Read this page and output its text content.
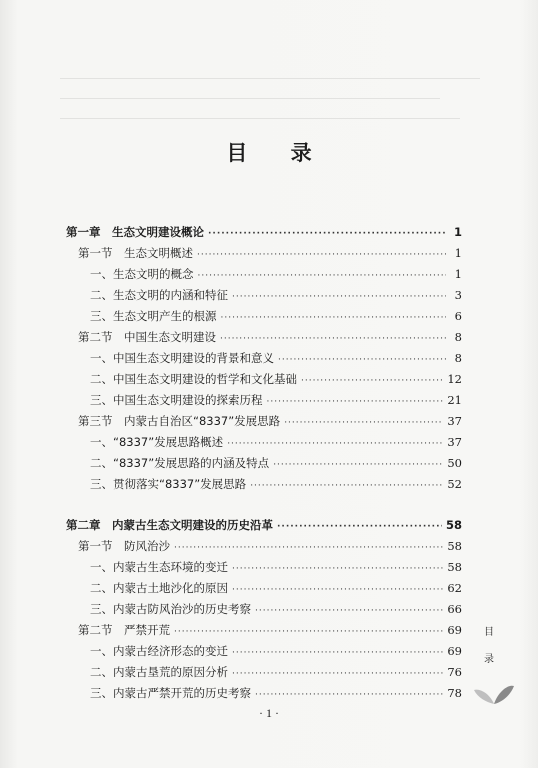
目 录
第一章　生态文明建设概论 ·····	1
第一节　生态文明概述 ·····	1
一、生态文明的概念 ·····	1
二、生态文明的内涵和特征 ·····	3
三、生态文明产生的根源 ·····	6
第二节　中国生态文明建设 ·····	8
一、中国生态文明建设的背景和意义 ·····	8
二、中国生态文明建设的哲学和文化基础 ·····	12
三、中国生态文明建设的探索历程 ·····	21
第三节　内蒙古自治区“8337”发展思路 ·····	37
一、“8337”发展思路概述 ·····	37
二、“8337”发展思路的内涵及特点 ·····	50
三、贯彻落实“8337”发展思路 ·····	52
第二章　内蒙古生态文明建设的历史沿革 ·····	58
第一节　防风治沙 ·····	58
一、内蒙古生态环境的变迁 ·····	58
二、内蒙古土地沙化的原因 ·····	62
三、内蒙古防风治沙的历史考察 ·····	66
第二节　严禁开荒 ·····	69
一、内蒙古经济形态的变迁 ·····	69
二、内蒙古垦荒的原因分析 ·····	76
三、内蒙古严禁开荒的历史考察 ·····	78
目
录
· 1 ·
